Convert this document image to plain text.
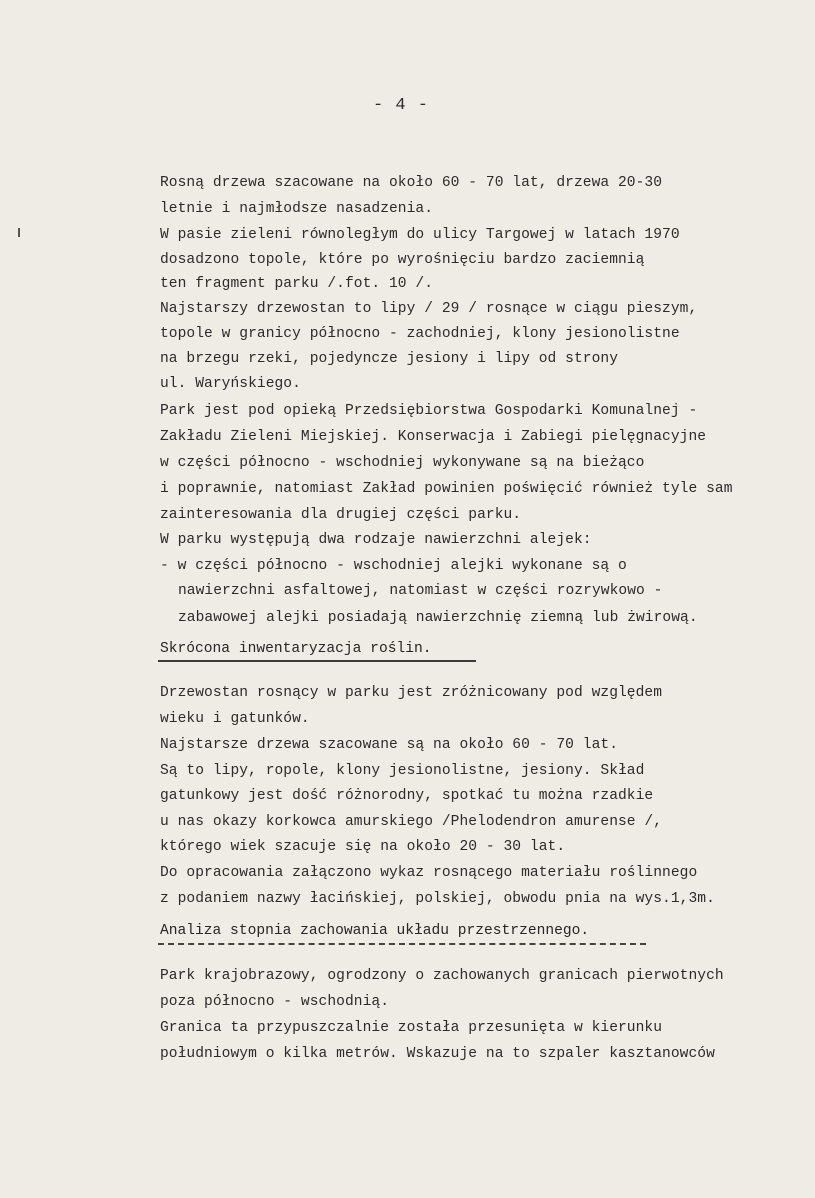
- 4 -
Rosną drzewa szacowane na około 60 - 70 lat, drzewa 20-30
letnie i najmłodsze nasadzenia.
W pasie zieleni równoległym do ulicy Targowej w latach 1970
dosadzono topole, które po wyrośnięciu bardzo zaciemnią
ten fragment parku /.fot. 10 /.
Najstarszy drzewostan to lipy / 29 / rosnące w ciągu pieszym,
topole w granicy północno - zachodniej, klony jesionolistne
na brzegu rzeki, pojedyncze jesiony i lipy od strony
ul. Waryńskiego.
Park jest pod opieką Przedsiębiorstwa Gospodarki Komunalnej -
Zakładu Zieleni Miejskiej. Konserwacja i Zabiegi pielęgnacyjne
w części północno - wschodniej wykonywane są na bieżąco
i poprawnie, natomiast Zakład powinien poświęcić również tyle sam
zainteresowania dla drugiej części parku.
W parku występują dwa rodzaje nawierzchni alejek:
- w części północno - wschodniej alejki wykonane są o
nawierzchni asfaltowej, natomiast w części rozrywkowo -
zabawowej alejki posiadają nawierzchnię ziemną lub żwirową.
Skrócona inwentaryzacja roślin.
Drzewostan rosnący w parku jest zróżnicowany pod względem
wieku i gatunków.
Najstarsze drzewa szacowane są na około 60 - 70 lat.
Są to lipy, ropole, klony jesionolistne, jesiony. Skład
gatunkowy jest dość różnorodny, spotkać tu można rzadkie
u nas okazy korkowca amurskiego /Phelodendron amurense /,
którego wiek szacuje się na około 20 - 30 lat.
Do opracowania załączono wykaz rosnącego materiału roślinnego
z podaniem nazwy łacińskiej, polskiej, obwodu pnia na wys.1,3m.
Analiza stopnia zachowania układu przestrzennego.
Park krajobrazowy, ogrodzony o zachowanych granicach pierwotnych
poza północno - wschodnią.
Granica ta przypuszczalnie została przesunięta w kierunku
południowym o kilka metrów. Wskazuje na to szpaler kasztanowców
